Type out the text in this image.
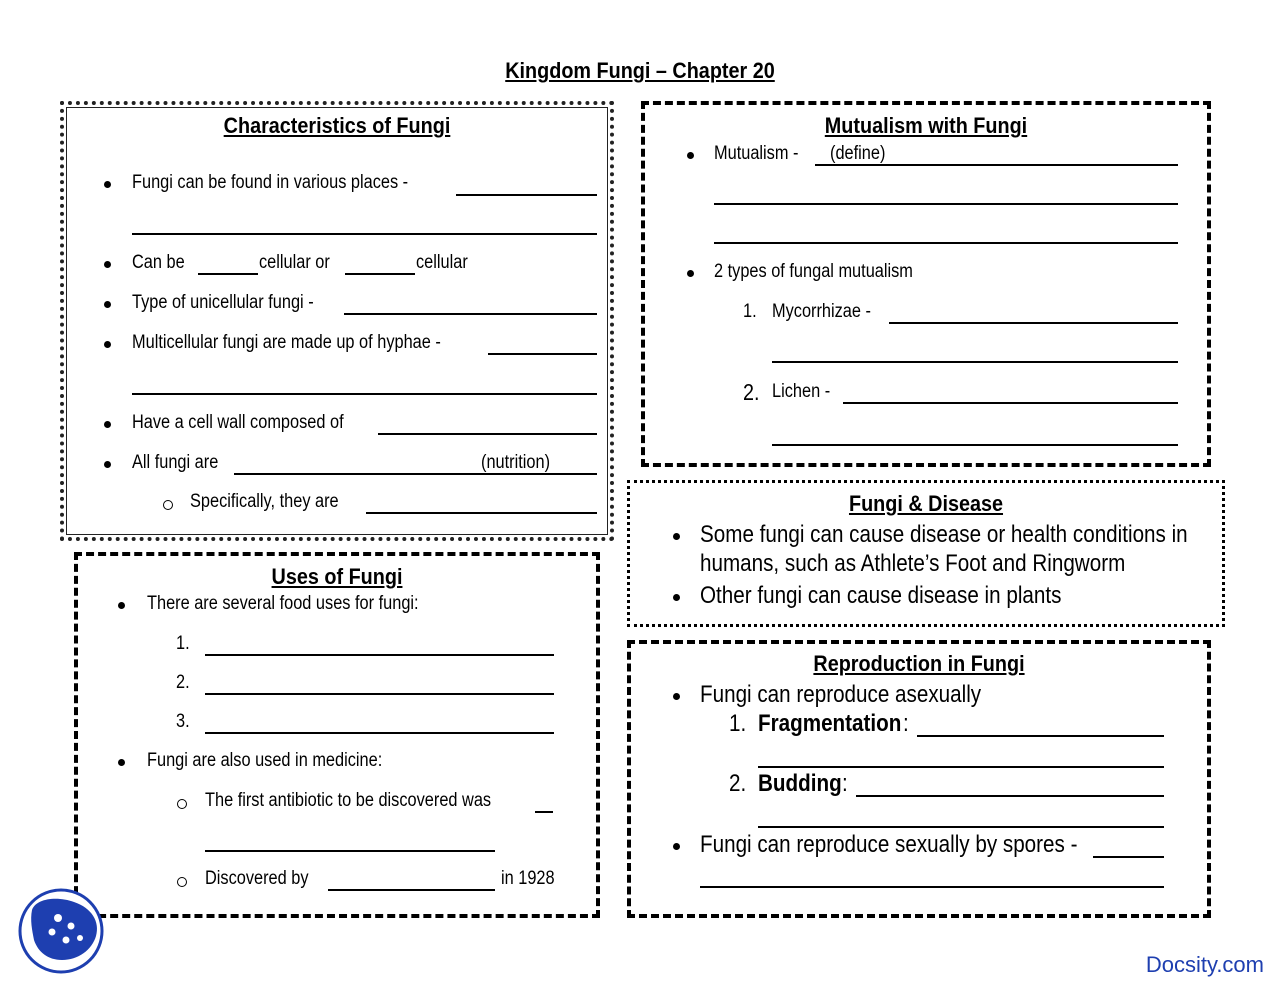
Kingdom Fungi – Chapter 20
Characteristics of Fungi
Fungi can be found in various places -
Can be	cellular or	cellular
Type of unicellular fungi -
Multicellular fungi are made up of hyphae -
Have a cell wall composed of
All fungi are	(nutrition)
Specifically, they are
Mutualism with Fungi
Mutualism - (define)
2 types of fungal mutualism
1. Mycorrhizae -
2. Lichen -
Uses of Fungi
There are several food uses for fungi:
1.
2.
3.
Fungi are also used in medicine:
The first antibiotic to be discovered was
Discovered by	in 1928
Fungi & Disease
Some fungi can cause disease or health conditions in
humans, such as Athlete’s Foot and Ringworm
Other fungi can cause disease in plants
Reproduction in Fungi
Fungi can reproduce asexually
1. Fragmentation :
2. Budding :
Fungi can reproduce sexually by spores -
Docsity.com
